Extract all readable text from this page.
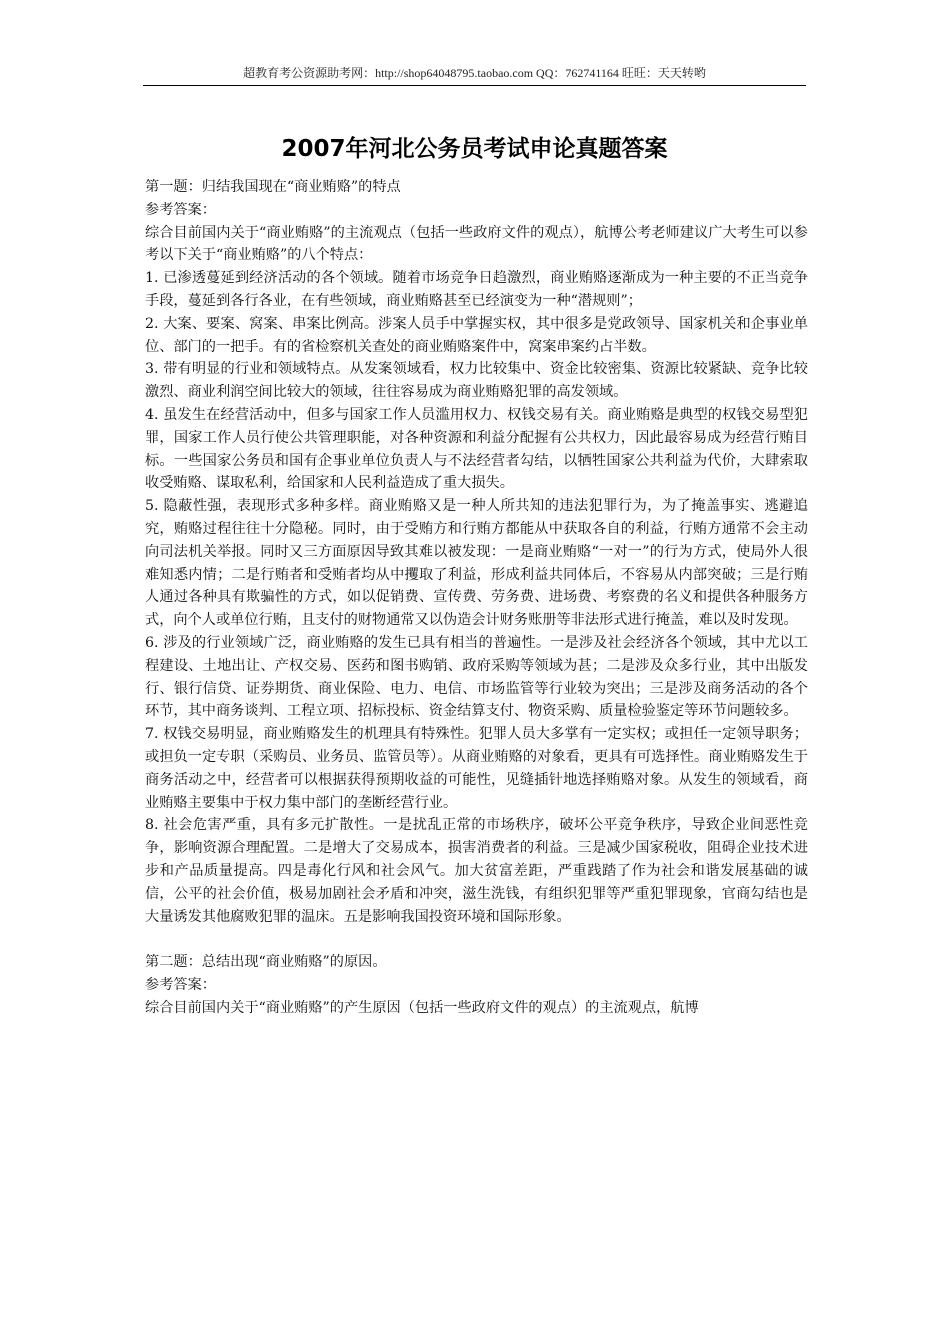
超教育考公资源助考网：http://shop64048795.taobao.com QQ：762741164 旺旺：天天转哟
2007年河北公务员考试申论真题答案

第一题：归结我国现在“商业贿赂”的特点

参考答案：

综合目前国内关于“商业贿赂”的主流观点（包括一些政府文件的观点），航博公考老师建议广大考生可以参考以下关于“商业贿赂”的八个特点：

1. 已渗透蔓延到经济活动的各个领域。随着市场竞争日趋激烈，商业贿赂逐渐成为一种主要的不正当竞争手段，蔓延到各行各业，在有些领域，商业贿赂甚至已经演变为一种“潜规则”；

2. 大案、要案、窝案、串案比例高。涉案人员手中掌握实权，其中很多是党政领导、国家机关和企事业单位、部门的一把手。有的省检察机关查处的商业贿赂案件中，窝案串案约占半数。

3. 带有明显的行业和领域特点。从发案领域看，权力比较集中、资金比较密集、资源比较紧缺、竞争比较激烈、商业利润空间比较大的领域，往往容易成为商业贿赂犯罪的高发领域。

4. 虽发生在经营活动中，但多与国家工作人员滥用权力、权钱交易有关。商业贿赂是典型的权钱交易型犯罪，国家工作人员行使公共管理职能，对各种资源和利益分配握有公共权力，因此最容易成为经营行贿目标。一些国家公务员和国有企事业单位负责人与不法经营者勾结，以牺牲国家公共利益为代价，大肆索取收受贿赂、谋取私利，给国家和人民利益造成了重大损失。

5. 隐蔽性强，表现形式多种多样。商业贿赂又是一种人所共知的违法犯罪行为，为了掩盖事实、逃避追究，贿赂过程往往十分隐秘。同时，由于受贿方和行贿方都能从中获取各自的利益，行贿方通常不会主动向司法机关举报。同时又三方面原因导致其难以被发现：一是商业贿赂“一对一”的行为方式，使局外人很难知悉内情；二是行贿者和受贿者均从中攫取了利益，形成利益共同体后，不容易从内部突破；三是行贿人通过各种具有欺骗性的方式，如以促销费、宣传费、劳务费、进场费、考察费的名义和提供各种服务方式，向个人或单位行贿，且支付的财物通常又以伪造会计财务账册等非法形式进行掩盖，难以及时发现。

6. 涉及的行业领域广泛，商业贿赂的发生已具有相当的普遍性。一是涉及社会经济各个领域，其中尤以工程建设、土地出让、产权交易、医药和图书购销、政府采购等领域为甚；二是涉及众多行业，其中出版发行、银行信贷、证券期货、商业保险、电力、电信、市场监管等行业较为突出；三是涉及商务活动的各个环节，其中商务谈判、工程立项、招标投标、资金结算支付、物资采购、质量检验鉴定等环节问题较多。

7. 权钱交易明显，商业贿赂发生的机理具有特殊性。犯罪人员大多掌有一定实权；或担任一定领导职务；或担负一定专职（采购员、业务员、监管员等）。从商业贿赂的对象看，更具有可选择性。商业贿赂发生于商务活动之中，经营者可以根据获得预期收益的可能性，见缝插针地选择贿赂对象。从发生的领域看，商业贿赂主要集中于权力集中部门的垄断经营行业。

8. 社会危害严重，具有多元扩散性。一是扰乱正常的市场秩序，破坏公平竞争秩序，导致企业间恶性竞争，影响资源合理配置。二是增大了交易成本，损害消费者的利益。三是减少国家税收，阻碍企业技术进步和产品质量提高。四是毒化行风和社会风气。加大贫富差距，严重践踏了作为社会和谐发展基础的诚信，公平的社会价值，极易加剧社会矛盾和冲突，滋生洗钱，有组织犯罪等严重犯罪现象，官商勾结也是大量诱发其他腐败犯罪的温床。五是影响我国投资环境和国际形象。

第二题：总结出现“商业贿赂”的原因。

参考答案：

综合目前国内关于“商业贿赂”的产生原因（包括一些政府文件的观点）的主流观点，航博
